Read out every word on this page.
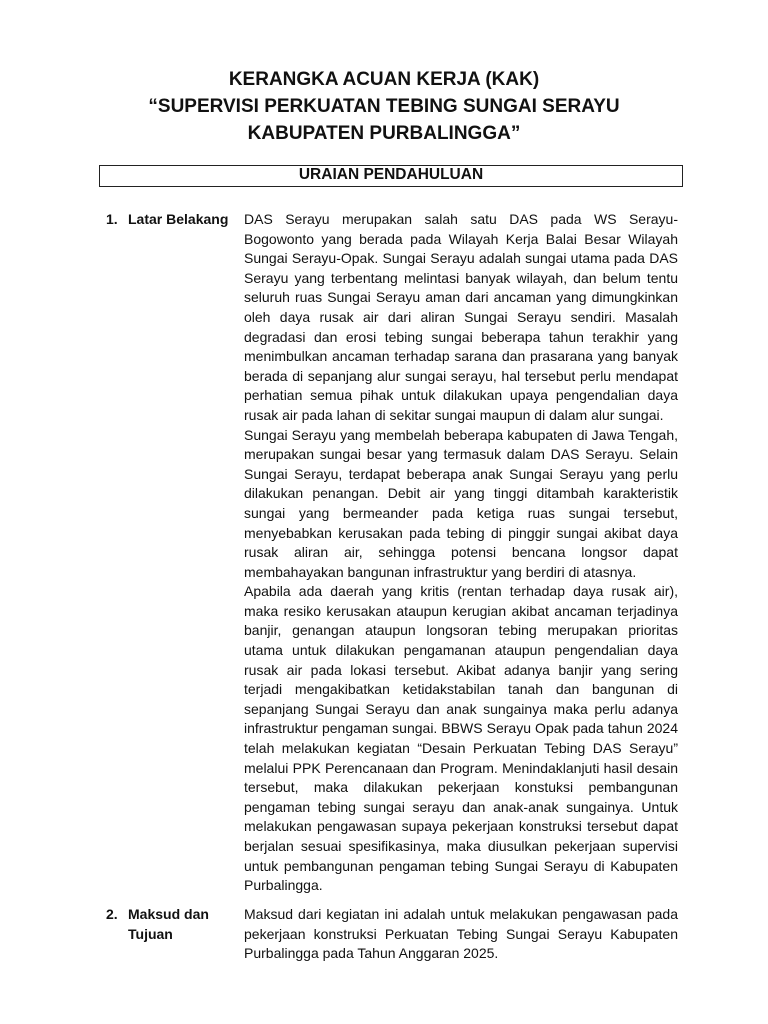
KERANGKA ACUAN KERJA (KAK)
“SUPERVISI PERKUATAN TEBING SUNGAI SERAYU
KABUPATEN PURBALINGGA”
URAIAN PENDAHULUAN
1. Latar Belakang	DAS Serayu merupakan salah satu DAS pada WS Serayu-Bogowonto yang berada pada Wilayah Kerja Balai Besar Wilayah Sungai Serayu-Opak. Sungai Serayu adalah sungai utama pada DAS Serayu yang terbentang melintasi banyak wilayah, dan belum tentu seluruh ruas Sungai Serayu aman dari ancaman yang dimungkinkan oleh daya rusak air dari aliran Sungai Serayu sendiri. Masalah degradasi dan erosi tebing sungai beberapa tahun terakhir yang menimbulkan ancaman terhadap sarana dan prasarana yang banyak berada di sepanjang alur sungai serayu, hal tersebut perlu mendapat perhatian semua pihak untuk dilakukan upaya pengendalian daya rusak air pada lahan di sekitar sungai maupun di dalam alur sungai.

Sungai Serayu yang membelah beberapa kabupaten di Jawa Tengah, merupakan sungai besar yang termasuk dalam DAS Serayu. Selain Sungai Serayu, terdapat beberapa anak Sungai Serayu yang perlu dilakukan penangan. Debit air yang tinggi ditambah karakteristik sungai yang bermeander pada ketiga ruas sungai tersebut, menyebabkan kerusakan pada tebing di pinggir sungai akibat daya rusak aliran air, sehingga potensi bencana longsor dapat membahayakan bangunan infrastruktur yang berdiri di atasnya.

Apabila ada daerah yang kritis (rentan terhadap daya rusak air), maka resiko kerusakan ataupun kerugian akibat ancaman terjadinya banjir, genangan ataupun longsoran tebing merupakan prioritas utama untuk dilakukan pengamanan ataupun pengendalian daya rusak air pada lokasi tersebut. Akibat adanya banjir yang sering terjadi mengakibatkan ketidakstabilan tanah dan bangunan di sepanjang Sungai Serayu dan anak sungainya maka perlu adanya infrastruktur pengaman sungai. BBWS Serayu Opak pada tahun 2024 telah melakukan kegiatan “Desain Perkuatan Tebing DAS Serayu” melalui PPK Perencanaan dan Program. Menindaklanjuti hasil desain tersebut, maka dilakukan pekerjaan konstuksi pembangunan pengaman tebing sungai serayu dan anak-anak sungainya. Untuk melakukan pengawasan supaya pekerjaan konstruksi tersebut dapat berjalan sesuai spesifikasinya, maka diusulkan pekerjaan supervisi untuk pembangunan pengaman tebing Sungai Serayu di Kabupaten Purbalingga.

2. Maksud dan Tujuan

Maksud dari kegiatan ini adalah untuk melakukan pengawasan pada pekerjaan konstruksi Perkuatan Tebing Sungai Serayu Kabupaten Purbalingga pada Tahun Anggaran 2025.
